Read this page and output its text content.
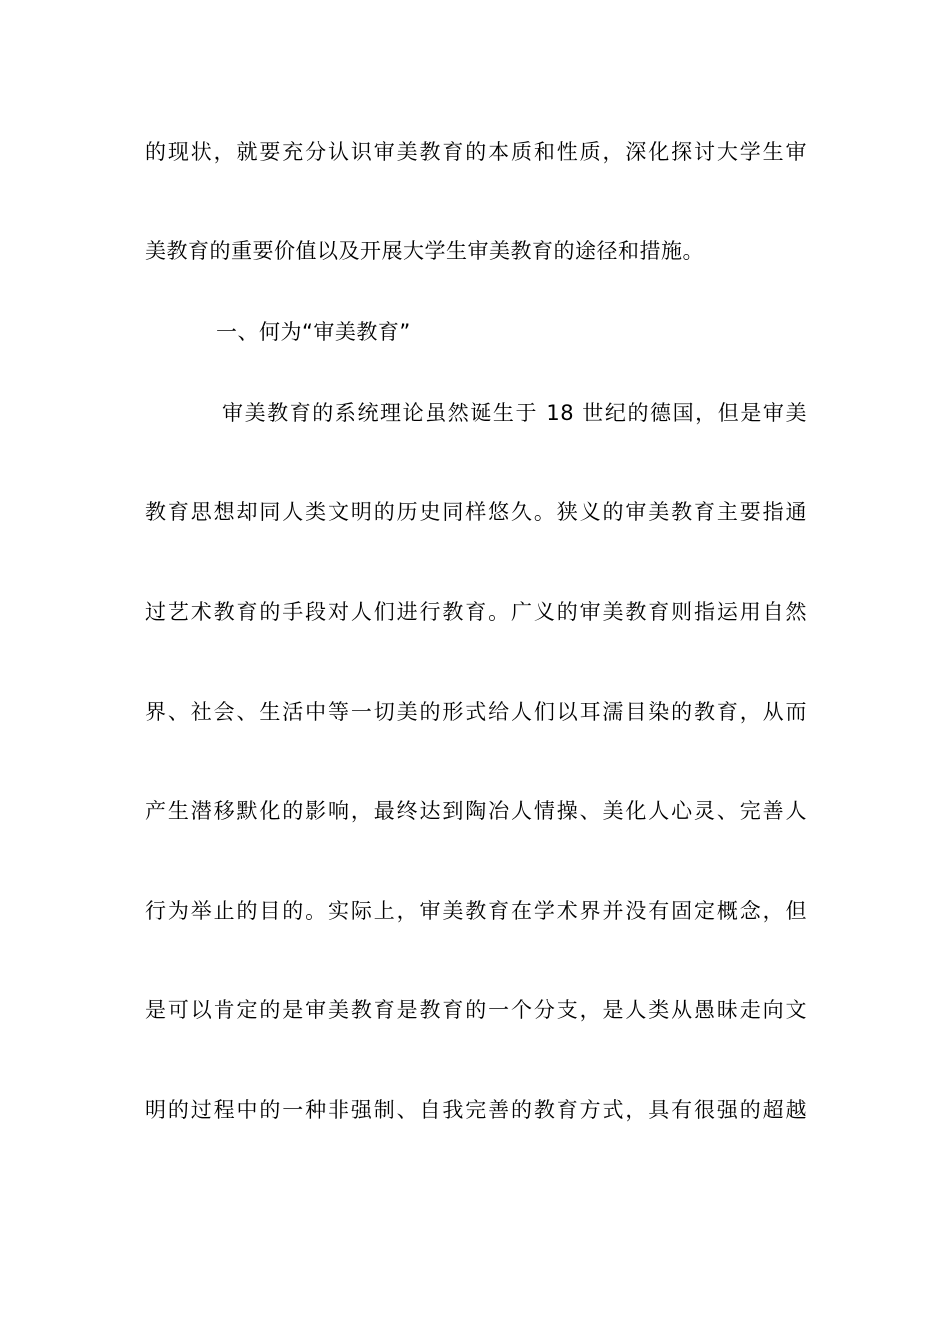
的现状，就要充分认识审美教育的本质和性质，深化探讨大学生审
美教育的重要价值以及开展大学生审美教育的途径和措施。
一、何为“审美教育”
审美教育的系统理论虽然诞生于 18 世纪的德国，但是审美
教育思想却同人类文明的历史同样悠久。狭义的审美教育主要指通
过艺术教育的手段对人们进行教育。广义的审美教育则指运用自然
界、社会、生活中等一切美的形式给人们以耳濡目染的教育，从而
产生潜移默化的影响，最终达到陶冶人情操、美化人心灵、完善人
行为举止的目的。实际上，审美教育在学术界并没有固定概念，但
是可以肯定的是审美教育是教育的一个分支，是人类从愚昧走向文
明的过程中的一种非强制、自我完善的教育方式，具有很强的超越
